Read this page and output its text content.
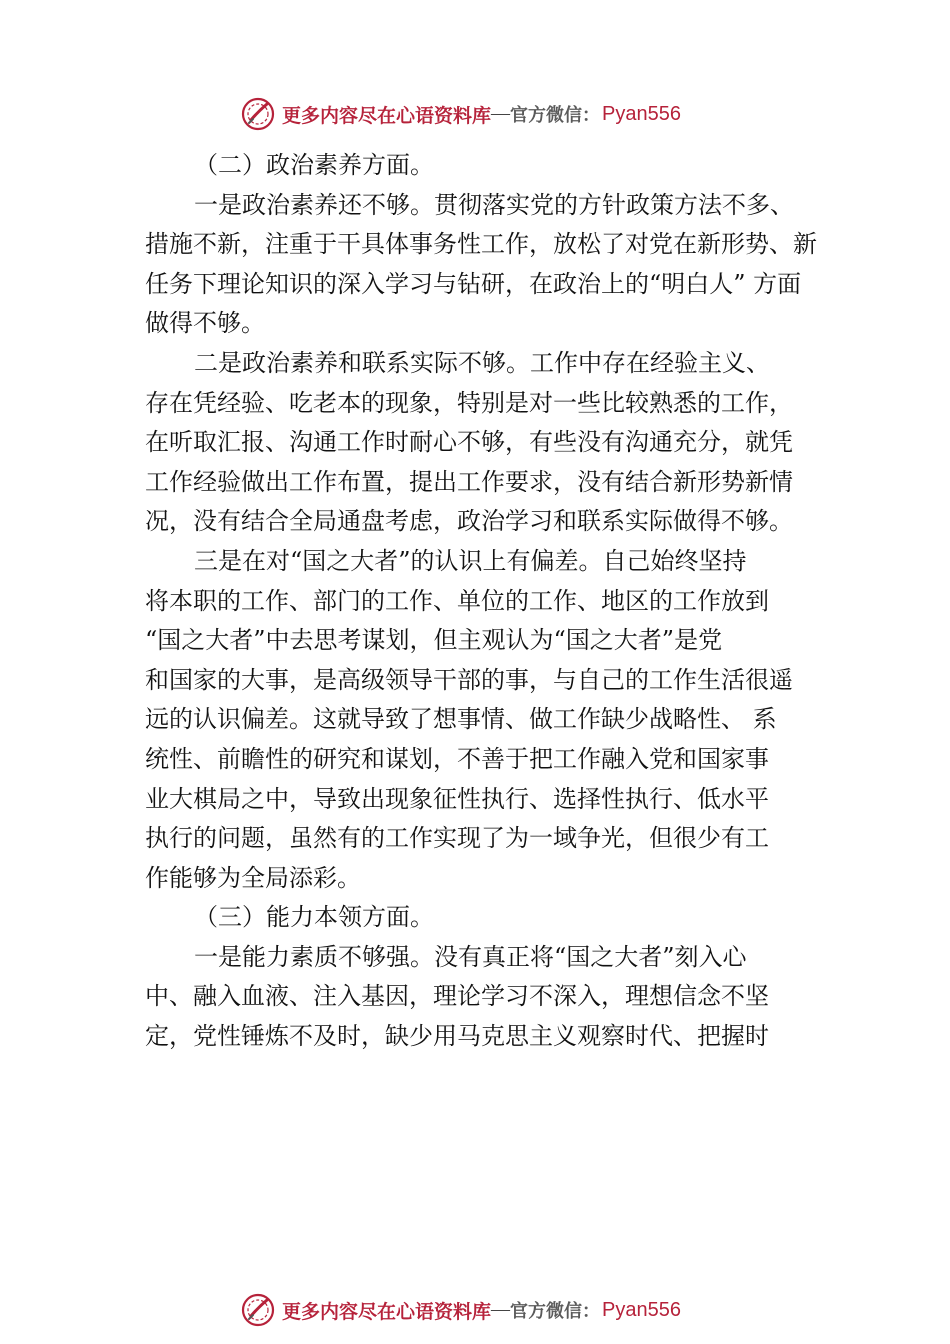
更多内容尽在心语资料库 — 官方微信： Pyan556
（二）政治素养方面。
一是政治素养还不够。贯彻落实党的方针政策方法不多、
措施不新，注重于干具体事务性工作，放松了对党在新形势、新
任务下理论知识的深入学习与钻研，在政治上的“明白人” 方面
做得不够。
二是政治素养和联系实际不够。工作中存在经验主义、
存在凭经验、吃老本的现象，特别是对一些比较熟悉的工作，
在听取汇报、沟通工作时耐心不够，有些没有沟通充分，就凭
工作经验做出工作布置，提出工作要求，没有结合新形势新情
况，没有结合全局通盘考虑，政治学习和联系实际做得不够。
三是在对“国之大者”的认识上有偏差。自己始终坚持
将本职的工作、部门的工作、单位的工作、地区的工作放到
“国之大者”中去思考谋划，但主观认为“国之大者”是党
和国家的大事，是高级领导干部的事，与自己的工作生活很遥
远的认识偏差。这就导致了想事情、做工作缺少战略性、 系
统性、前瞻性的研究和谋划，不善于把工作融入党和国家事
业大棋局之中，导致出现象征性执行、选择性执行、低水平
执行的问题，虽然有的工作实现了为一域争光，但很少有工
作能够为全局添彩。
（三）能力本领方面。
一是能力素质不够强。没有真正将“国之大者”刻入心
中、融入血液、注入基因，理论学习不深入，理想信念不坚
定，党性锤炼不及时，缺少用马克思主义观察时代、把握时
更多内容尽在心语资料库 — 官方微信： Pyan556
